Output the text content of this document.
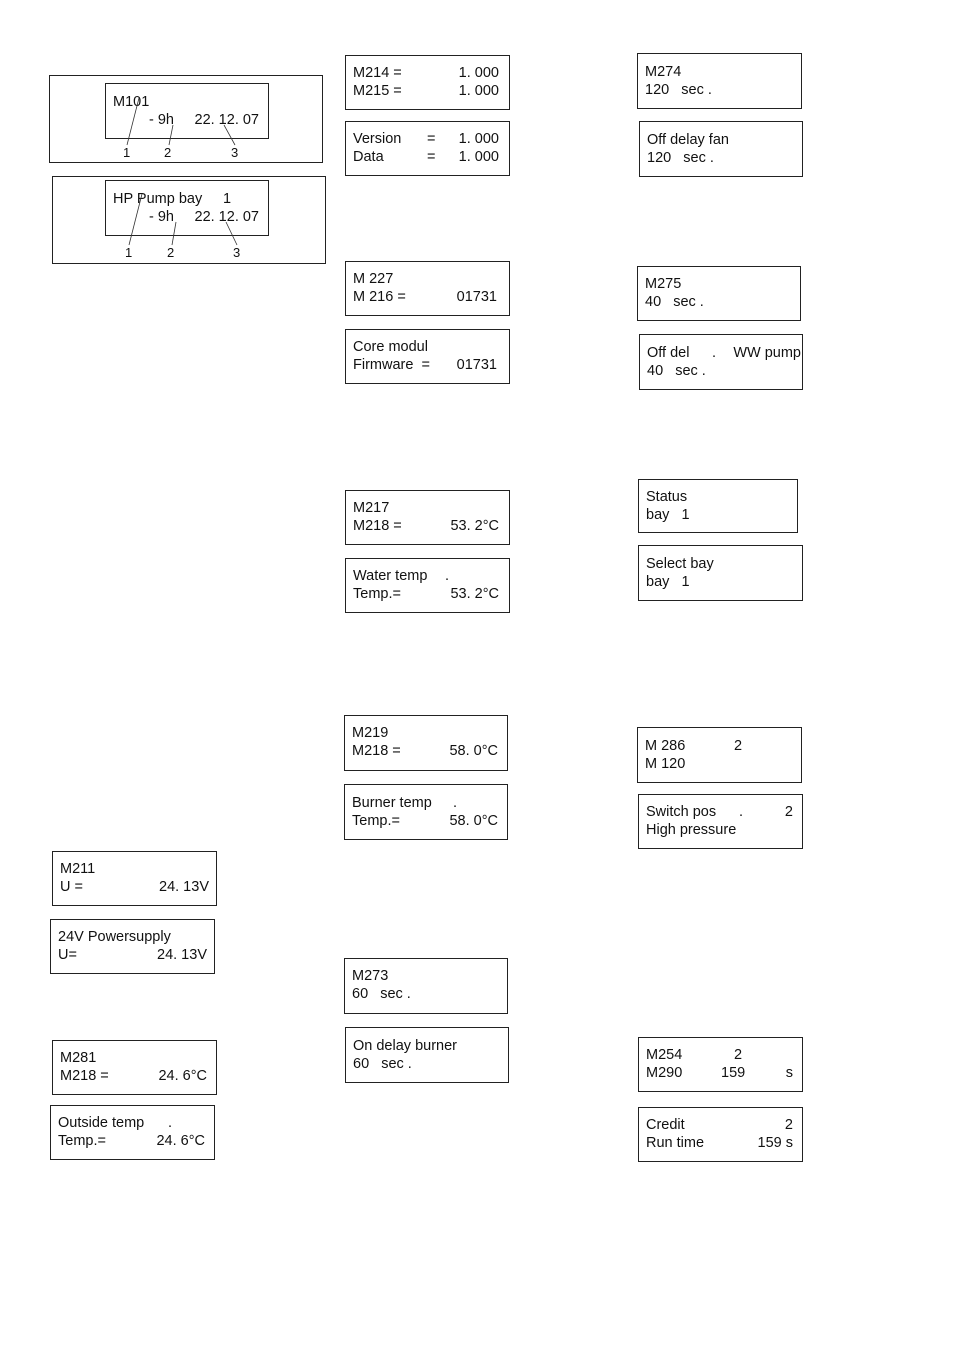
M101
- 9h 22. 12. 07
1	2	3
HP Pump bay 1
- 9h 22. 12. 07
1	2	3
M211
U =	24. 13V
24V Powersupply
U=	24. 13V
M281
M218 =	24. 6°C
Outside temp .
Temp.=	24. 6°C
M214 =	1. 000
M215 =	1. 000
Version = 1. 000
Data	= 1. 000
M 227
M 216 =	01731
Core modul
Firmware  = 01731
M217
M218 =	53. 2°C
Water temp .
Temp.=	53. 2°C
M219
M218 =	58. 0°C
Burner temp .
Temp.=	58. 0°C
M273
60   sec .
On delay burner
60   sec .
M274
120   sec .
Off delay fan
120   sec .
M275
40   sec .
Off del . WW pump
40   sec .
Status
bay   1
Select bay
bay   1
M 286	2
M 120
Switch pos .	2
High pressure
M254	2
M290	159	s
Credit	2
Run time	159 s
